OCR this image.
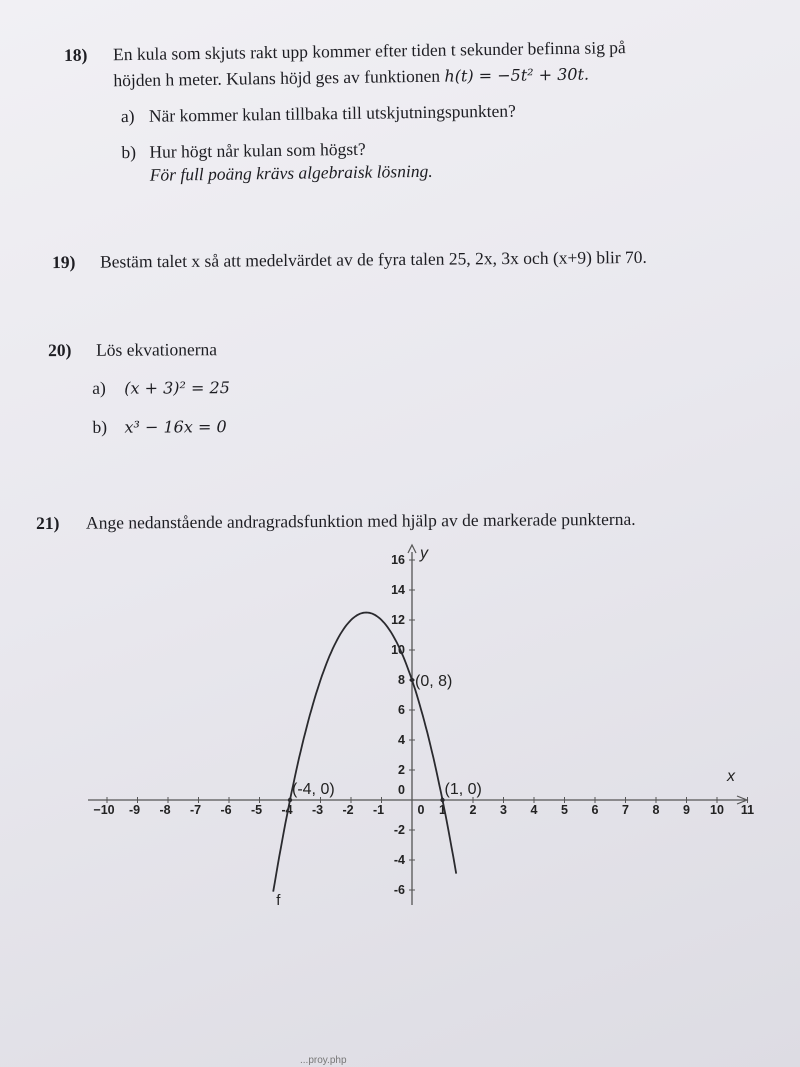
18) En kula som skjuts rakt upp kommer efter tiden t sekunder befinna sig på
höjden h meter. Kulans höjd ges av funktionen h(t) = −5t² + 30t.
a) När kommer kulan tillbaka till utskjutningspunkten?
b) Hur högt når kulan som högst?
För full poäng krävs algebraisk lösning.
19) Bestäm talet x så att medelvärdet av de fyra talen 25, 2x, 3x och (x+9) blir 70.
20) Lös ekvationerna
a) (x + 3)² = 25
b) x³ − 16x = 0
21) Ange nedanstående andragradsfunktion med hjälp av de markerade punkterna.
x
y
−10 -9 -8 -7 -6 -5 -4 -3 -2 -1	1 2 3 4 5 6 7 8 9 10 11
0
16
14
12
10
8
6
4
2
0
-2
-4
-6
f
(-4, 0)
(0, 8)
(1, 0)
...proy.php
